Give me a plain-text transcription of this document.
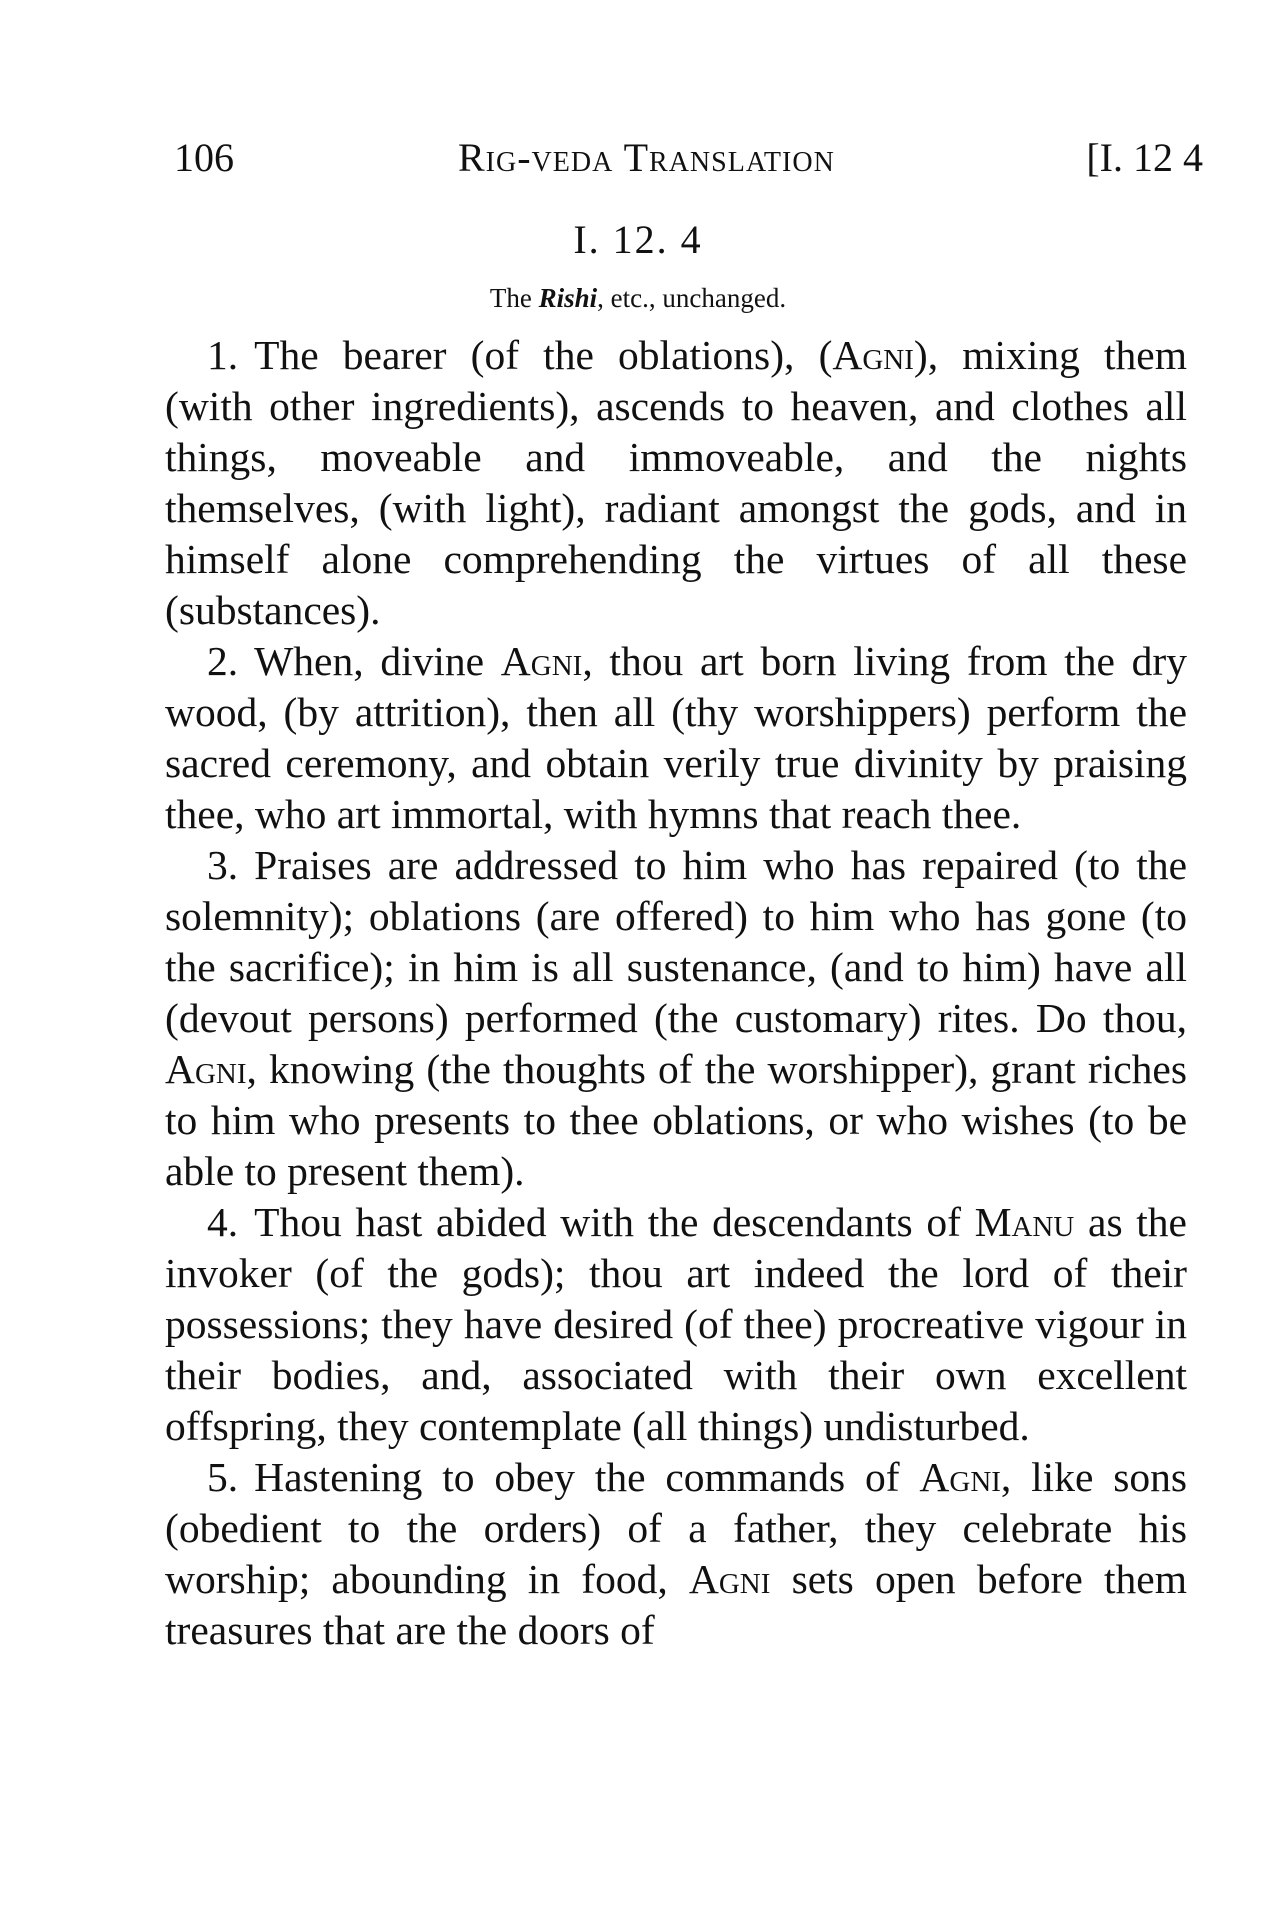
106	Rig-veda Translation	[I. 12 4
I. 12. 4
The Rishi, etc., unchanged.

1. The bearer (of the oblations), (Agni), mixing them (with other ingredients), ascends to heaven, and clothes all things, moveable and immoveable, and the nights themselves, (with light), radiant amongst the gods, and in himself alone comprehending the virtues of all these (substances).

2. When, divine Agni, thou art born living from the dry wood, (by attrition), then all (thy worshippers) perform the sacred ceremony, and obtain verily true divinity by praising thee, who art immortal, with hymns that reach thee.

3. Praises are addressed to him who has repaired (to the solemnity); oblations (are offered) to him who has gone (to the sacrifice); in him is all sustenance, (and to him) have all (devout persons) performed (the customary) rites. Do thou, Agni, knowing (the thoughts of the worshipper), grant riches to him who presents to thee oblations, or who wishes (to be able to present them).

4. Thou hast abided with the descendants of Manu as the invoker (of the gods); thou art indeed the lord of their possessions; they have desired (of thee) procreative vigour in their bodies, and, associated with their own excellent offspring, they contemplate (all things) undisturbed.

5. Hastening to obey the commands of Agni, like sons (obedient to the orders) of a father, they celebrate his worship; abounding in food, Agni sets open before them treasures that are the doors of
